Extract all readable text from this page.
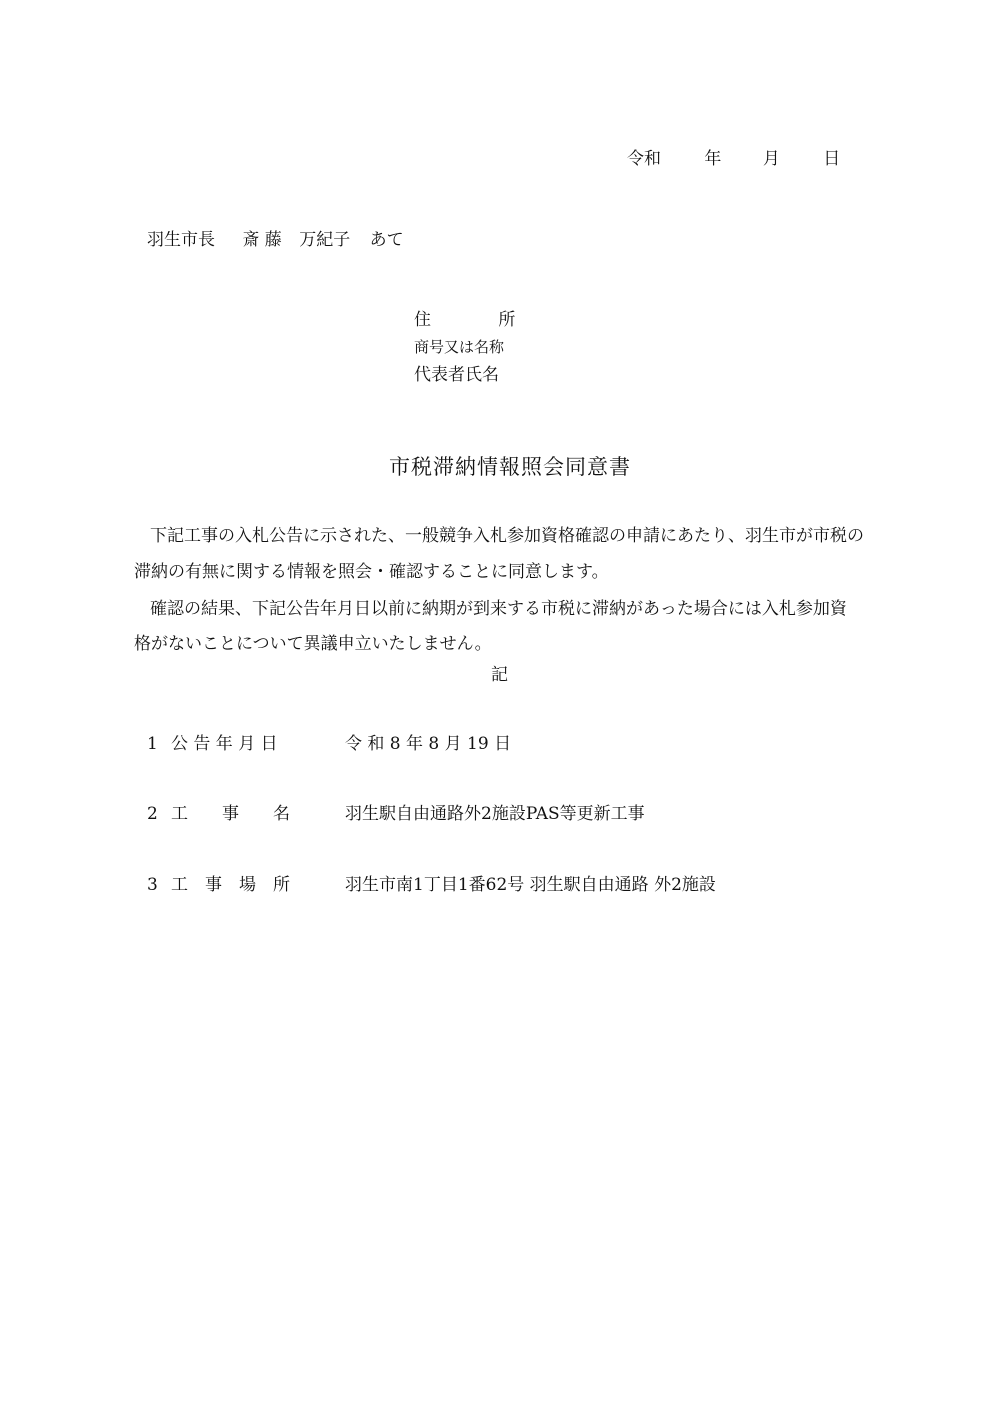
令和	年 月	日
羽生市長 斎 藤 万紀子 あて
住	所
商号又は名称
代表者氏名
市税滞納情報照会同意書
下記工事の入札公告に示された、一般競争入札参加資格確認の申請にあたり、羽生市が市税の
滞納の有無に関する情報を照会・確認することに同意します。
確認の結果、下記公告年月日以前に納期が到来する市税に滞納があった場合には入札参加資
格がないことについて異議申立いたしません。
記
1 公 告 年 月 日	令 和 8 年 8 月 19 日
2 工　　事　　名	羽生駅自由通路外2施設PAS等更新工事
3 工　事　場　所	羽生市南1丁目1番62号 羽生駅自由通路 外2施設
